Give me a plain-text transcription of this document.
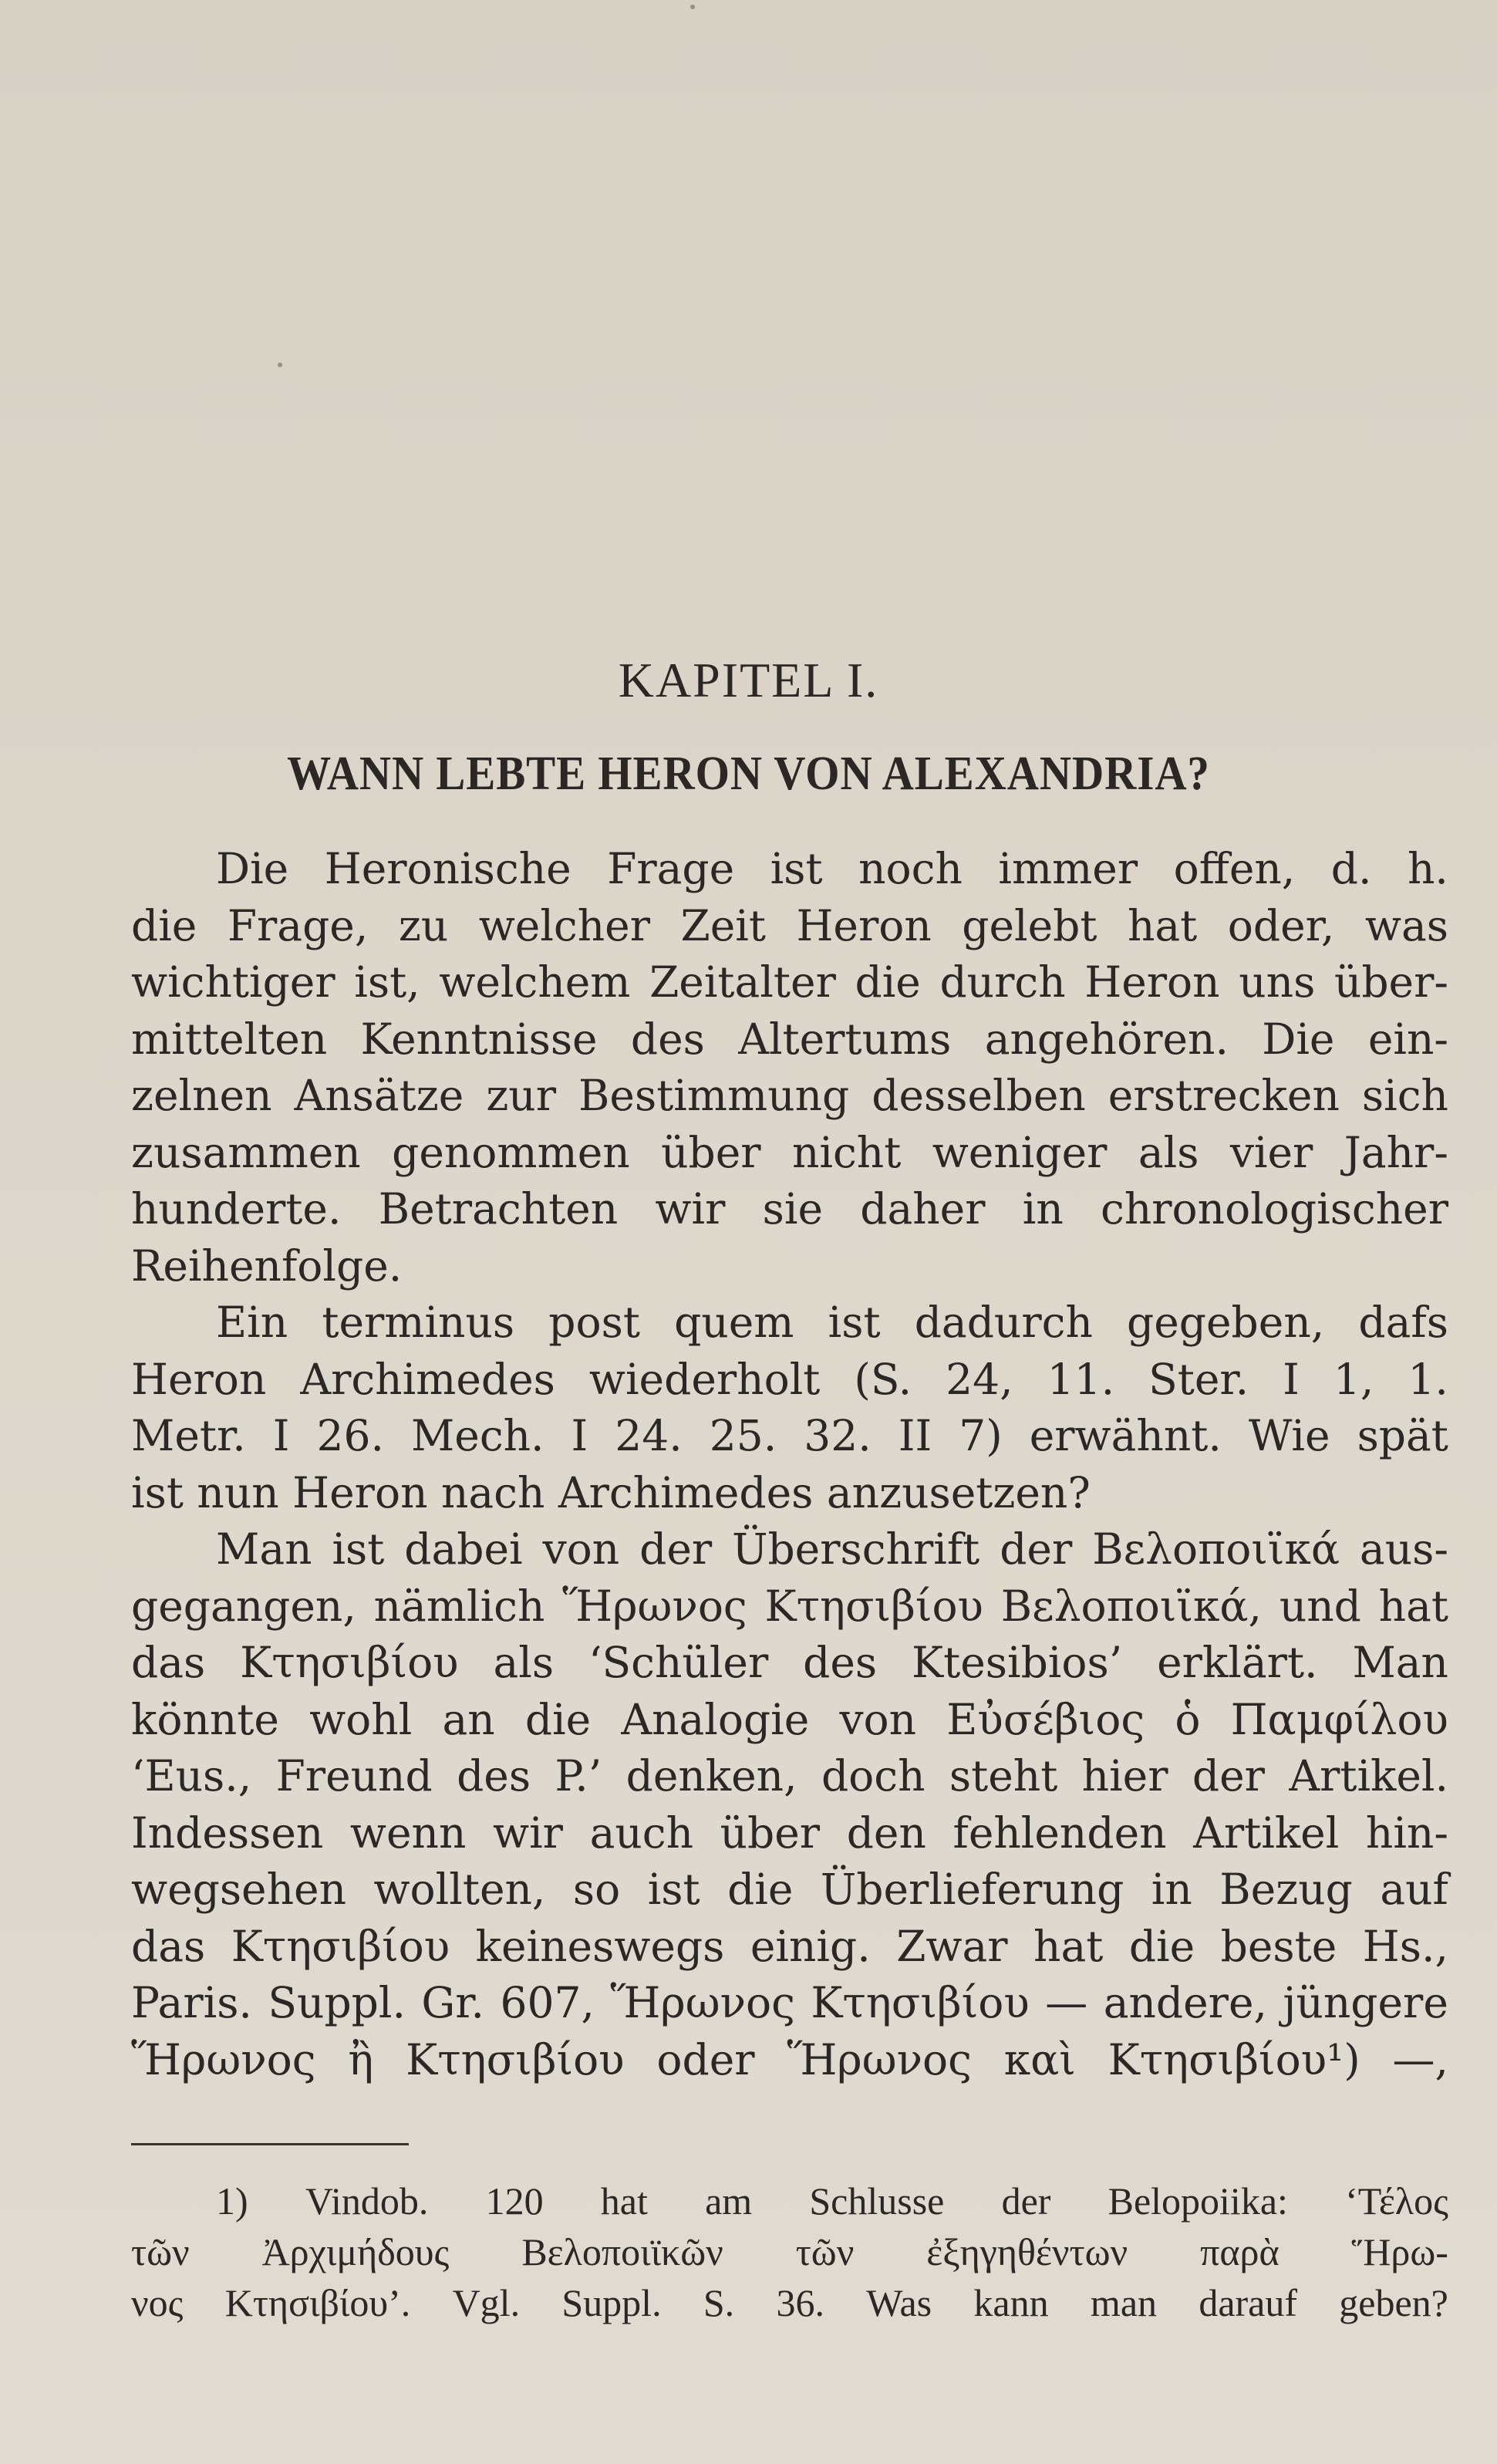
KAPITEL I.
WANN LEBTE HERON VON ALEXANDRIA?
Die Heronische Frage ist noch immer offen, d. h.
die Frage, zu welcher Zeit Heron gelebt hat oder, was
wichtiger ist, welchem Zeitalter die durch Heron uns über-
mittelten Kenntnisse des Altertums angehören. Die ein-
zelnen Ansätze zur Bestimmung desselben erstrecken sich
zusammen genommen über nicht weniger als vier Jahr-
hunderte. Betrachten wir sie daher in chronologischer
Reihenfolge.
Ein terminus post quem ist dadurch gegeben, dafs
Heron Archimedes wiederholt (S. 24, 11. Ster. I 1, 1.
Metr. I 26. Mech. I 24. 25. 32. II 7) erwähnt. Wie spät
ist nun Heron nach Archimedes anzusetzen?
Man ist dabei von der Überschrift der Βελοποιϊκά aus-
gegangen, nämlich Ἥρωνος Κτησιβίου Βελοποιϊκά, und hat
das Κτησιβίου als ‘Schüler des Ktesibios’ erklärt. Man
könnte wohl an die Analogie von Εὐσέβιος ὁ Παμφίλου
‘Eus., Freund des P.’ denken, doch steht hier der Artikel.
Indessen wenn wir auch über den fehlenden Artikel hin-
wegsehen wollten, so ist die Überlieferung in Bezug auf
das Κτησιβίου keineswegs einig. Zwar hat die beste Hs.,
Paris. Suppl. Gr. 607, Ἥρωνος Κτησιβίου — andere, jüngere
Ἥρωνος ἢ Κτησιβίου oder Ἥρωνος καὶ Κτησιβίου¹) —,
1) Vindob. 120 hat am Schlusse der Belopoiika: ‘Τέλος
τῶν Ἀρχιμήδους Βελοποιϊκῶν τῶν ἐξηγηθέντων παρὰ Ἥρω-
νος Κτησιβίου’. Vgl. Suppl. S. 36. Was kann man darauf geben?
